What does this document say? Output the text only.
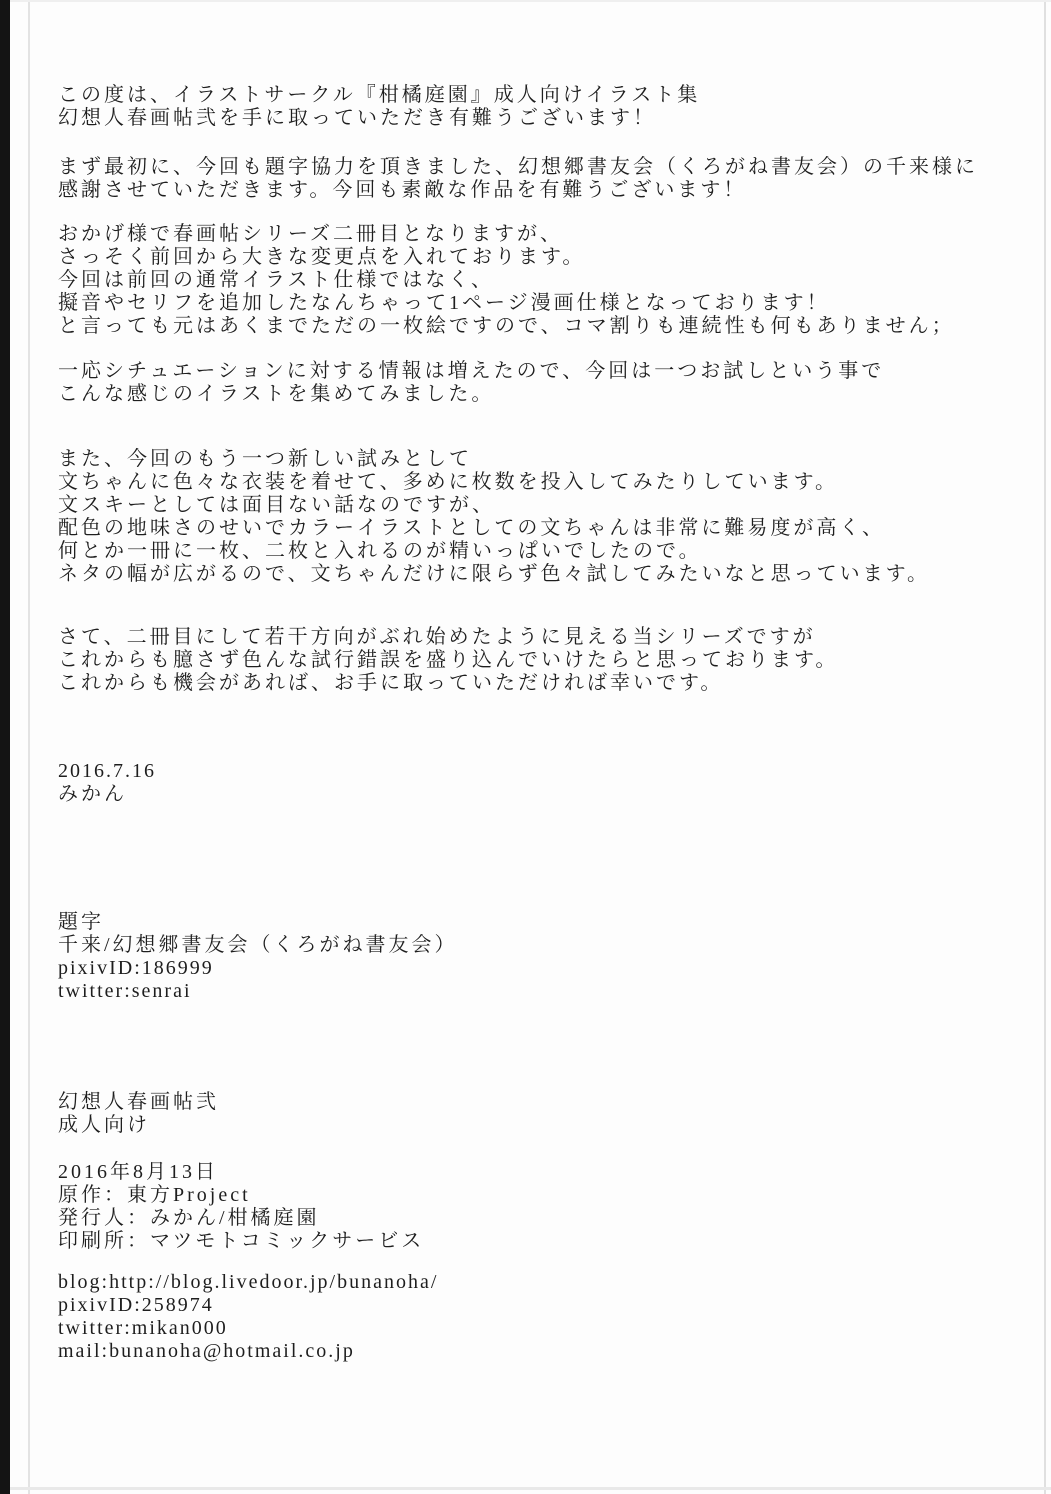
この度は、イラストサークル『柑橘庭園』成人向けイラスト集
幻想人春画帖弐を手に取っていただき有難うございます！
まず最初に、今回も題字協力を頂きました、幻想郷書友会（くろがね書友会）の千来様に
感謝させていただきます。今回も素敵な作品を有難うございます！
おかげ様で春画帖シリーズ二冊目となりますが、
さっそく前回から大きな変更点を入れております。
今回は前回の通常イラスト仕様ではなく、
擬音やセリフを追加したなんちゃって1ページ漫画仕様となっております！
と言っても元はあくまでただの一枚絵ですので、コマ割りも連続性も何もありません；
一応シチュエーションに対する情報は増えたので、今回は一つお試しという事で
こんな感じのイラストを集めてみました。
また、今回のもう一つ新しい試みとして
文ちゃんに色々な衣装を着せて、多めに枚数を投入してみたりしています。
文スキーとしては面目ない話なのですが、
配色の地味さのせいでカラーイラストとしての文ちゃんは非常に難易度が高く、
何とか一冊に一枚、二枚と入れるのが精いっぱいでしたので。
ネタの幅が広がるので、文ちゃんだけに限らず色々試してみたいなと思っています。
さて、二冊目にして若干方向がぶれ始めたように見える当シリーズですが
これからも臆さず色んな試行錯誤を盛り込んでいけたらと思っております。
これからも機会があれば、お手に取っていただければ幸いです。
2016.7.16
みかん
題字
千来/幻想郷書友会（くろがね書友会）
pixivID:186999
twitter:senrai
幻想人春画帖弐
成人向け
2016年8月13日
原作：東方Project
発行人：みかん/柑橘庭園
印刷所：マツモトコミックサービス
blog:http://blog.livedoor.jp/bunanoha/
pixivID:258974
twitter:mikan000
mail:bunanoha@hotmail.co.jp
